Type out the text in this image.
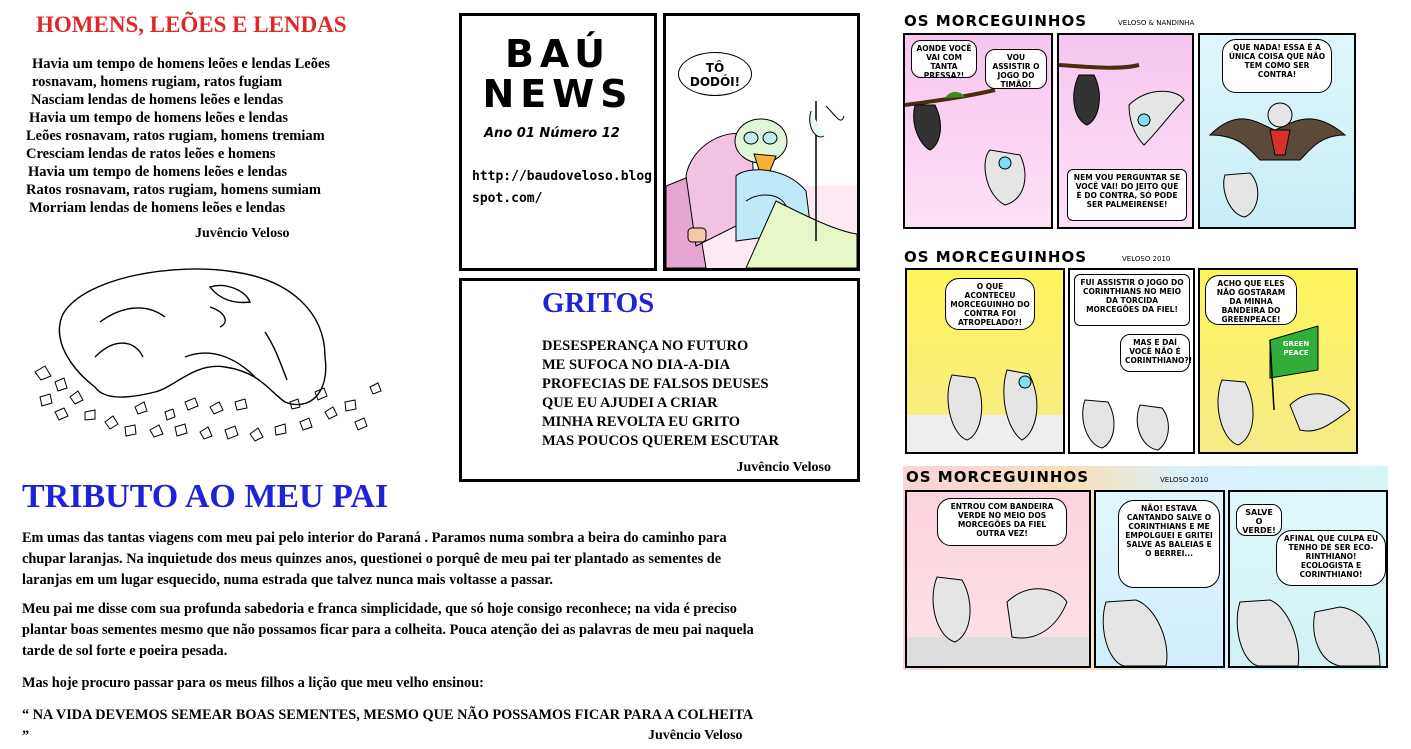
HOMENS, LEÕES E LENDAS
Havia um tempo de homens leões e lendas Leões
rosnavam, homens rugiam, ratos fugiam
Nasciam lendas de homens leões e lendas
Havia um tempo de homens leões e lendas
Leões rosnavam, ratos rugiam, homens tremiam
Cresciam lendas de ratos leões e homens
Havia um tempo de homens leões e lendas
Ratos rosnavam, ratos rugiam, homens sumiam
Morriam lendas de homens leões e lendas
Juvêncio Veloso
BAÚ
NEWS
Ano 01 Número 12
http://baudoveloso.blogspot.com/
TÔ DODÓI!
GRITOS
DESESPERANÇA NO FUTURO
ME SUFOCA NO DIA-A-DIA
PROFECIAS DE FALSOS DEUSES
QUE EU AJUDEI A CRIAR
MINHA REVOLTA EU GRITO
MAS POUCOS QUEREM ESCUTAR
Juvêncio Veloso
TRIBUTO AO MEU PAI
Em umas das tantas viagens com meu pai pelo interior do Paraná . Paramos numa sombra a beira do caminho para chupar laranjas. Na inquietude dos meus quinzes anos, questionei o porquê de meu pai ter plantado as sementes de laranjas em um lugar esquecido, numa estrada que talvez nunca mais voltasse a passar.
Meu pai me disse com sua profunda sabedoria e franca simplicidade, que só hoje consigo reconhece; na vida é preciso plantar boas sementes mesmo que não possamos ficar para a colheita. Pouca atenção dei as palavras de meu pai naquela tarde de sol forte e poeira pesada.
Mas hoje procuro passar para os meus filhos a lição que meu velho ensinou:
“ NA VIDA DEVEMOS SEMEAR BOAS SEMENTES, MESMO QUE NÃO POSSAMOS FICAR PARA A COLHEITA ”	Juvêncio Veloso
OS MORCEGUINHOS	VELOSO & NANDINHA
AONDE VOCÊ VAI COM TANTA PRESSA?!
VOU ASSISTIR O JOGO DO TIMÃO!
NEM VOU PERGUNTAR SE VOCÊ VAI! DO JEITO QUE É DO CONTRA, SÓ PODE SER PALMEIRENSE!
QUE NADA! ESSA É A ÚNICA COISA QUE NÃO TEM COMO SER CONTRA!
OS MORCEGUINHOS	VELOSO 2010
O QUE ACONTECEU MORCEGUINHO DO CONTRA FOI ATROPELADO?!
FUI ASSISTIR O JOGO DO CORINTHIANS NO MEIO DA TORCIDA MORCEGÕES DA FIEL!
MAS E DAÍ VOCÊ NÃO É CORINTHIANO?!
ACHO QUE ELES NÃO GOSTARAM DA MINHA BANDEIRA DO GREENPEACE!
GREEN PEACE
OS MORCEGUINHOS	VELOSO 2010
ENTROU COM BANDEIRA VERDE NO MEIO DOS MORCEGÕES DA FIEL OUTRA VEZ!
NÃO! ESTAVA CANTANDO SALVE O CORINTHIANS E ME EMPOLGUEI E GRITEI SALVE AS BALEIAS E O BERREI...
SALVE O VERDE!
AFINAL QUE CULPA EU TENHO DE SER ECO-RINTHIANO! ECOLOGISTA E CORINTHIANO!
